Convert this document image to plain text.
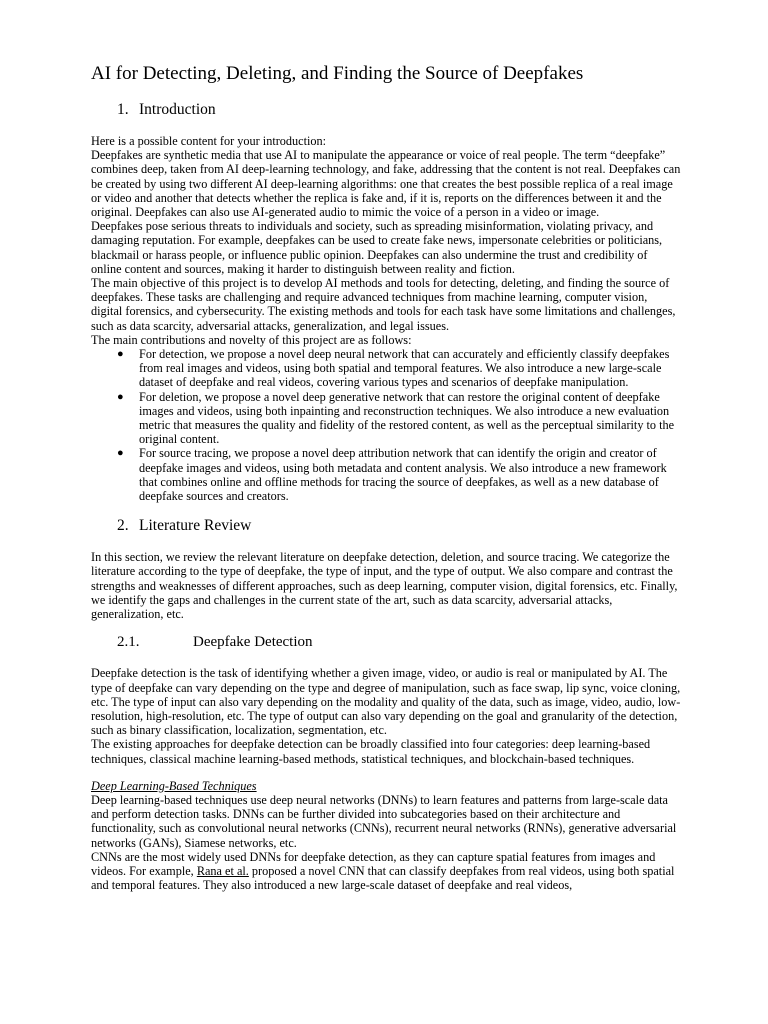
AI for Detecting, Deleting, and Finding the Source of Deepfakes
1. Introduction

Here is a possible content for your introduction:

Deepfakes are synthetic media that use AI to manipulate the appearance or voice of real people. The term “deepfake” combines deep, taken from AI deep-learning technology, and fake, addressing that the content is not real. Deepfakes can be created by using two different AI deep-learning algorithms: one that creates the best possible replica of a real image or video and another that detects whether the replica is fake and, if it is, reports on the differences between it and the original. Deepfakes can also use AI-generated audio to mimic the voice of a person in a video or image.

Deepfakes pose serious threats to individuals and society, such as spreading misinformation, violating privacy, and damaging reputation. For example, deepfakes can be used to create fake news, impersonate celebrities or politicians, blackmail or harass people, or influence public opinion. Deepfakes can also undermine the trust and credibility of online content and sources, making it harder to distinguish between reality and fiction.

The main objective of this project is to develop AI methods and tools for detecting, deleting, and finding the source of deepfakes. These tasks are challenging and require advanced techniques from machine learning, computer vision, digital forensics, and cybersecurity. The existing methods and tools for each task have some limitations and challenges, such as data scarcity, adversarial attacks, generalization, and legal issues.

The main contributions and novelty of this project are as follows:

● For detection, we propose a novel deep neural network that can accurately and efficiently classify deepfakes from real images and videos, using both spatial and temporal features. We also introduce a new large-scale dataset of deepfake and real videos, covering various types and scenarios of deepfake manipulation.
● For deletion, we propose a novel deep generative network that can restore the original content of deepfake images and videos, using both inpainting and reconstruction techniques. We also introduce a new evaluation metric that measures the quality and fidelity of the restored content, as well as the perceptual similarity to the original content.
● For source tracing, we propose a novel deep attribution network that can identify the origin and creator of deepfake images and videos, using both metadata and content analysis. We also introduce a new framework that combines online and offline methods for tracing the source of deepfakes, as well as a new database of deepfake sources and creators.
2. Literature Review

In this section, we review the relevant literature on deepfake detection, deletion, and source tracing. We categorize the literature according to the type of deepfake, the type of input, and the type of output. We also compare and contrast the strengths and weaknesses of different approaches, such as deep learning, computer vision, digital forensics, etc. Finally, we identify the gaps and challenges in the current state of the art, such as data scarcity, adversarial attacks, generalization, etc.

2.1.	Deepfake Detection

Deepfake detection is the task of identifying whether a given image, video, or audio is real or manipulated by AI. The type of deepfake can vary depending on the type and degree of manipulation, such as face swap, lip sync, voice cloning, etc. The type of input can also vary depending on the modality and quality of the data, such as image, video, audio, low-resolution, high-resolution, etc. The type of output can also vary depending on the goal and granularity of the detection, such as binary classification, localization, segmentation, etc.

The existing approaches for deepfake detection can be broadly classified into four categories: deep learning-based techniques, classical machine learning-based methods, statistical techniques, and blockchain-based techniques.

Deep Learning-Based Techniques

Deep learning-based techniques use deep neural networks (DNNs) to learn features and patterns from large-scale data and perform detection tasks. DNNs can be further divided into subcategories based on their architecture and functionality, such as convolutional neural networks (CNNs), recurrent neural networks (RNNs), generative adversarial networks (GANs), Siamese networks, etc.

CNNs are the most widely used DNNs for deepfake detection, as they can capture spatial features from images and videos. For example, Rana et al. proposed a novel CNN that can classify deepfakes from real videos, using both spatial and temporal features. They also introduced a new large-scale dataset of deepfake and real videos,
